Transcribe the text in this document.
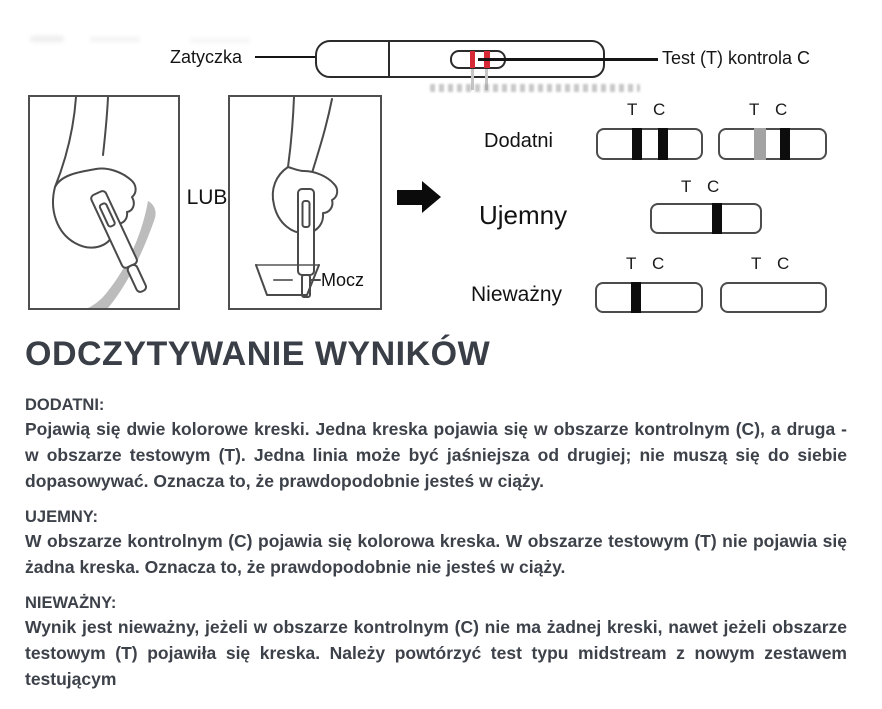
Zatyczka	Test (T) kontrola C
LUB
Mocz
Dodatni
T C	T C
Ujemny
T C
Nieważny
T C	T C
ODCZYTYWANIE WYNIKÓW
DODATNI:
Pojawią się dwie kolorowe kreski. Jedna kreska pojawia się w obszarze kontrolnym (C), a druga - w obszarze testowym (T). Jedna linia może być jaśniejsza od drugiej; nie muszą się do siebie dopasowywać. Oznacza to, że prawdopodobnie jesteś w ciąży.
UJEMNY:
W obszarze kontrolnym (C) pojawia się kolorowa kreska. W obszarze testowym (T) nie pojawia się żadna kreska. Oznacza to, że prawdopodobnie nie jesteś w ciąży.
NIEWAŻNY:
Wynik jest nieważny, jeżeli w obszarze kontrolnym (C) nie ma żadnej kreski, nawet jeżeli obszarze testowym (T) pojawiła się kreska. Należy powtórzyć test typu midstream z nowym zestawem testującym
